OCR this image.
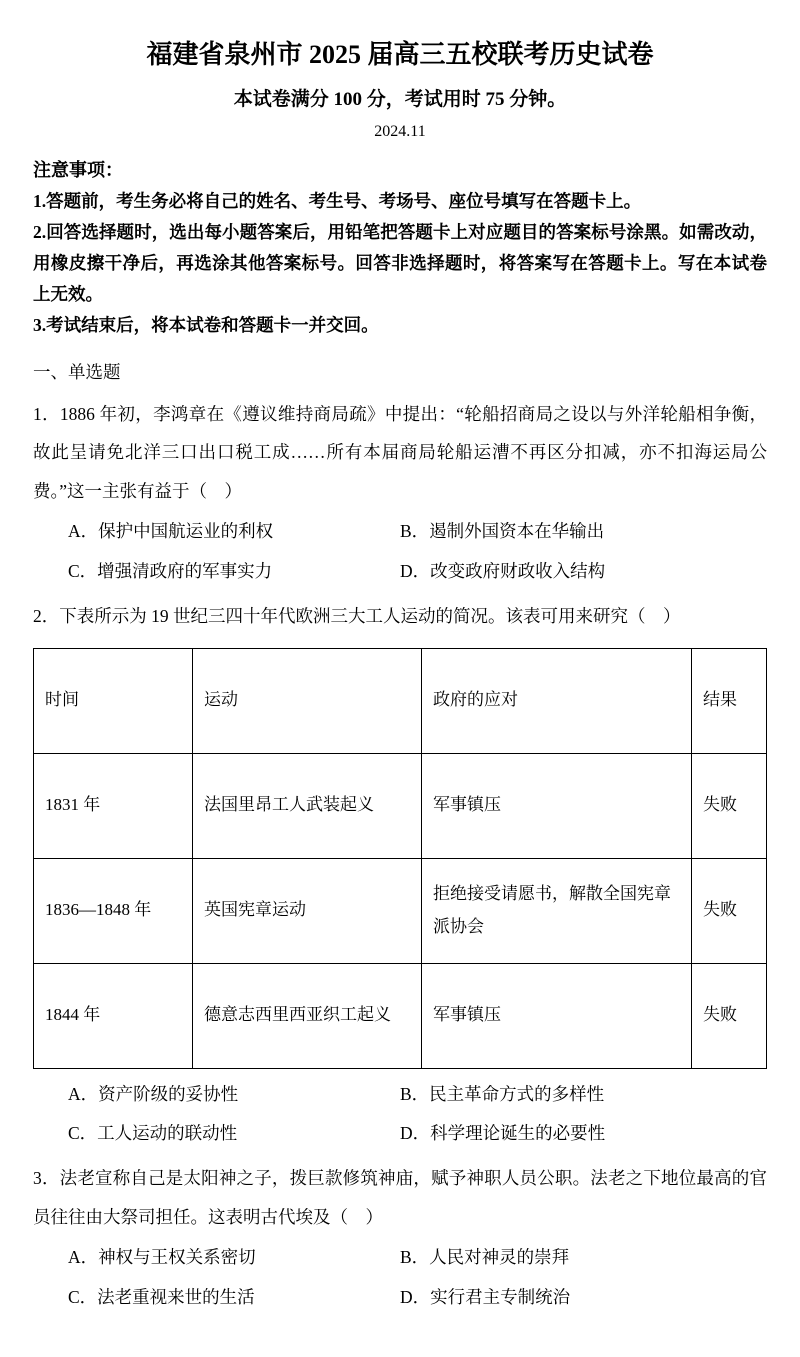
福建省泉州市 2025 届高三五校联考历史试卷
本试卷满分 100 分，考试用时 75 分钟。
2024.11
注意事项：

1.答题前，考生务必将自己的姓名、考生号、考场号、座位号填写在答题卡上。

2.回答选择题时，选出每小题答案后，用铅笔把答题卡上对应题目的答案标号涂黑。如需改动，用橡皮擦干净后，再选涂其他答案标号。回答非选择题时，将答案写在答题卡上。写在本试卷上无效。

3.考试结束后，将本试卷和答题卡一并交回。

一、单选题

1．1886 年初，李鸿章在《遵议维持商局疏》中提出：“轮船招商局之设以与外洋轮船相争衡，故此呈请免北洋三口出口税工成……所有本届商局轮船运漕不再区分扣减，亦不扣海运局公费。”这一主张有益于（　）

A．保护中国航运业的利权	B．遏制外国资本在华输出
C．增强清政府的军事实力	D．改变政府财政收入结构

2．下表所示为 19 世纪三四十年代欧洲三大工人运动的简况。该表可用来研究（　）

时间	运动	政府的应对	结果
1831 年	法国里昂工人武装起义	军事镇压	失败
1836—1848 年	英国宪章运动	拒绝接受请愿书，解散全国宪章派协会	失败
1844 年	德意志西里西亚织工起义	军事镇压	失败
A．资产阶级的妥协性	B．民主革命方式的多样性
C．工人运动的联动性	D．科学理论诞生的必要性

3．法老宣称自己是太阳神之子，拨巨款修筑神庙，赋予神职人员公职。法老之下地位最高的官员往往由大祭司担任。这表明古代埃及（　）

A．神权与王权关系密切	B．人民对神灵的崇拜
C．法老重视来世的生活	D．实行君主专制统治
